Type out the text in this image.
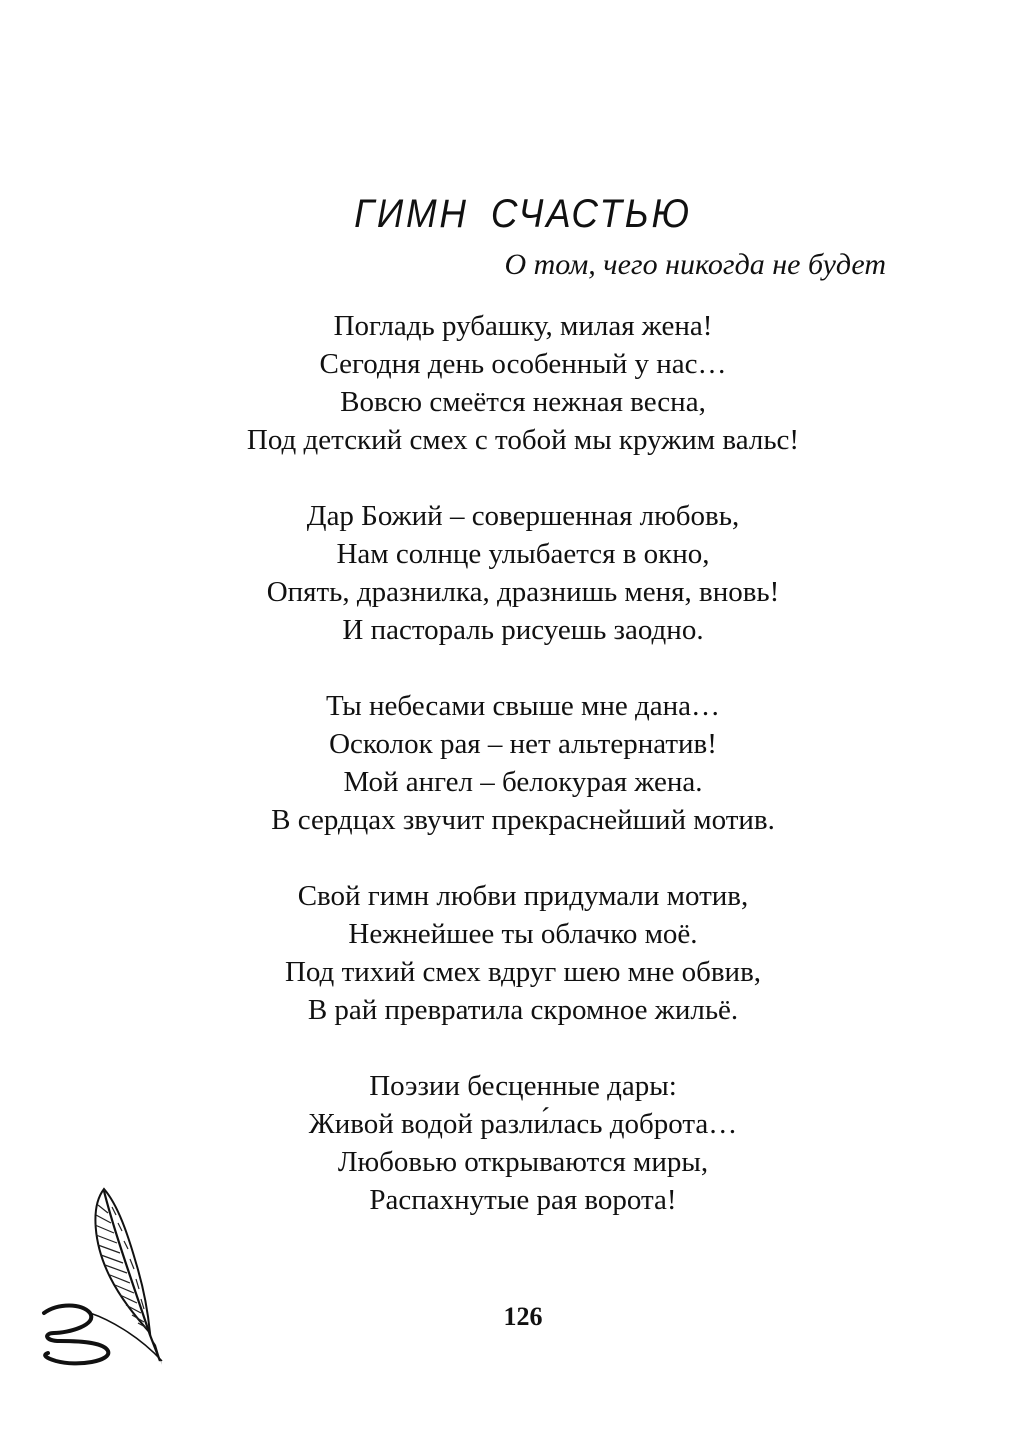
ГИМН СЧАСТЬЮ
О том, чего никогда не будет
Погладь рубашку, милая жена!
Сегодня день особенный у нас…
Вовсю смеётся нежная весна,
Под детский смех с тобой мы кружим вальс!
Дар Божий – совершенная любовь,
Нам солнце улыбается в окно,
Опять, дразнилка, дразнишь меня, вновь!
И пастораль рисуешь заодно.
Ты небесами свыше мне дана…
Осколок рая – нет альтернатив!
Мой ангел – белокурая жена.
В сердцах звучит прекраснейший мотив.
Свой гимн любви придумали мотив,
Нежнейшее ты облачко моё.
Под тихий смех вдруг шею мне обвив,
В рай превратила скромное жильё.
Поэзии бесценные дары:
Живой водой разли́лась доброта…
Любовью открываются миры,
Распахнутые рая ворота!
126
